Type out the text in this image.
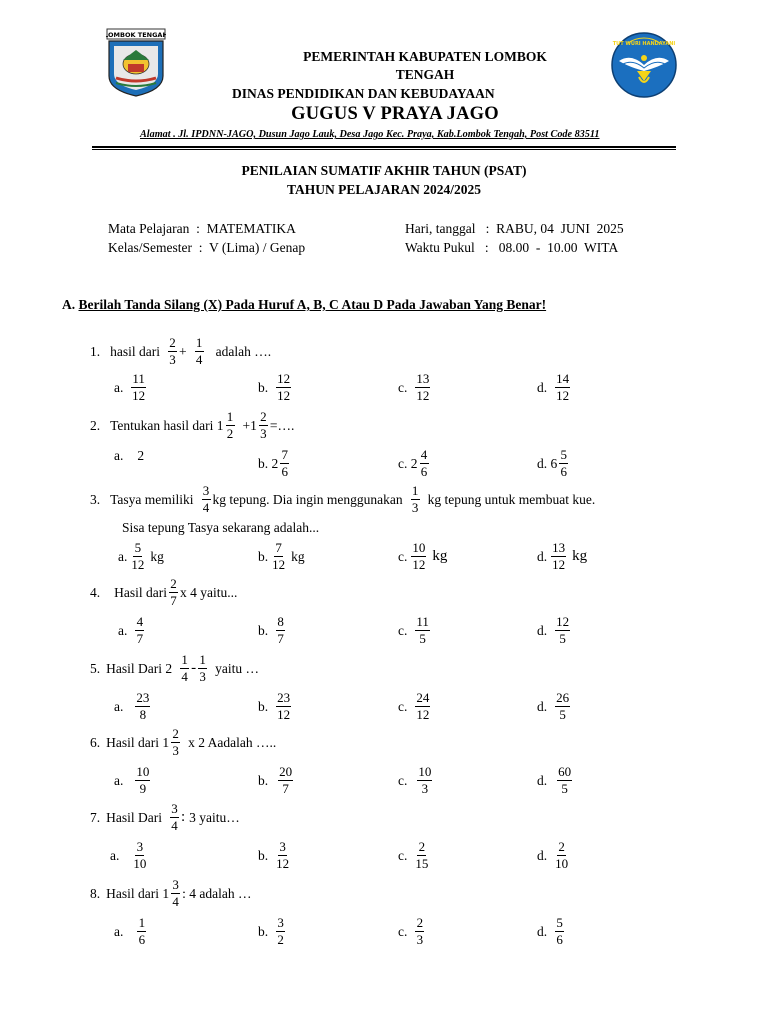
LOMBOK TENGAH
TUT WURI HANDAYANI
PEMERINTAH KABUPATEN LOMBOK TENGAH
DINAS PENDIDIKAN DAN KEBUDAYAAN
GUGUS V PRAYA JAGO
Alamat . Jl. IPDNN-JAGO, Dusun Jago Lauk, Desa Jago Kec. Praya, Kab.Lombok Tengah, Post Code 83511
PENILAIAN SUMATIF AKHIR TAHUN (PSAT)
TAHUN PELAJARAN 2024/2025
Mata Pelajaran  :  MATEMATIKA
Kelas/Semester  :  V (Lima) / Genap
Hari, tanggal   :  RABU, 04  JUNI  2025
Waktu Pukul   :   08.00  -  10.00  WITA
A. Berilah Tanda Silang (X) Pada Huruf A, B, C Atau D Pada Jawaban Yang Benar!
1. hasil dari $\frac{2}{3} + \frac{1}{4}$ adalah ….
a. $\frac{11}{12}$	b. $\frac{12}{12}$	c. $\frac{13}{12}$	d. $\frac{14}{12}$
2. Tentukan hasil dari $1 \frac{1}{2} +1 \frac{2}{3}$ =….
a. 2	b. $2 \frac{7}{6}$	c. $2 \frac{4}{6}$	d. $6 \frac{5}{6}$
3. Tasya memiliki $\frac{3}{4}$ kg tepung. Dia ingin menggunakan $\frac{1}{3}$ kg tepung untuk membuat kue.
Sisa tepung Tasya sekarang adalah...
a. $\frac{5}{12}$ kg	b. $\frac{7}{12}$ kg	c. $\frac{10}{12}$ kg	d. $\frac{13}{12}$ kg
4. Hasil dari $\frac{2}{7}$ x 4 yaitu...
a. $\frac{4}{7}$	b. $\frac{8}{7}$	c. $\frac{11}{5}$	d. $\frac{12}{5}$
5. Hasil Dari $2 \frac{1}{4} - \frac{1}{3}$ yaitu …
a. $\frac{23}{8}$	b. $\frac{23}{12}$	c. $\frac{24}{12}$	d. $\frac{26}{5}$
6. Hasil dari $1 \frac{2}{3}$ x 2 Aadalah …..
a. $\frac{10}{9}$	b. $\frac{20}{7}$	c. $\frac{10}{3}$	d. $\frac{60}{5}$
7. Hasil Dari $\frac{3}{4}$ : 3 yaitu…
a. $\frac{3}{10}$	b. $\frac{3}{12}$	c. $\frac{2}{15}$	d. $\frac{2}{10}$
8. Hasil dari $1 \frac{3}{4}$ : 4 adalah …
a. $\frac{1}{6}$	b. $\frac{3}{2}$	c. $\frac{2}{3}$	d. $\frac{5}{6}$
